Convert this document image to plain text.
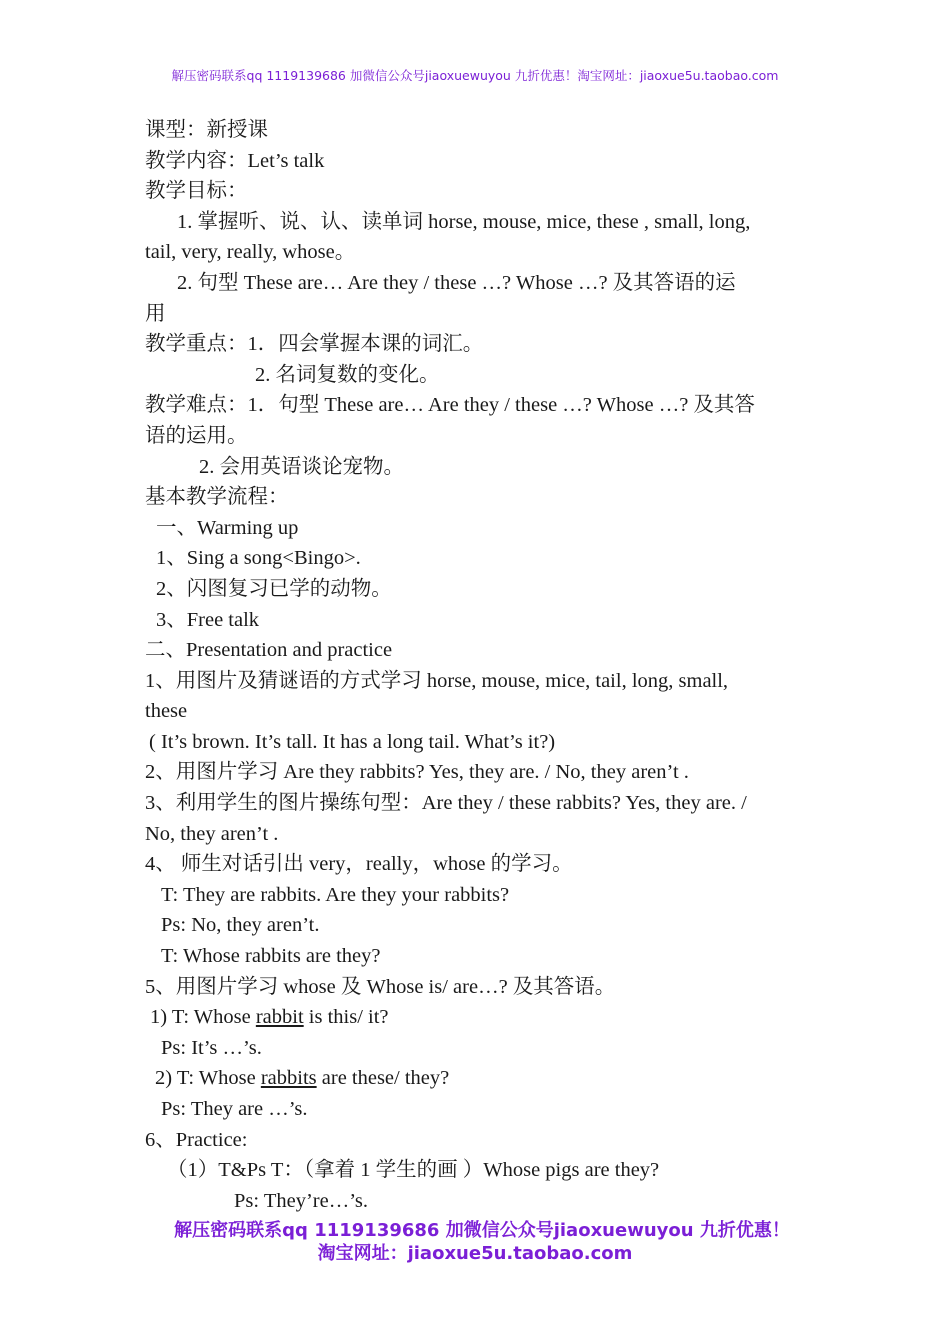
解压密码联系qq 1119139686 加微信公众号jiaoxuewuyou 九折优惠！淘宝网址：jiaoxue5u.taobao.com
课型：新授课
教学内容：Let’s talk
教学目标：
1. 掌握听、说、认、读单词 horse, mouse, mice, these , small, long,
tail, very, really, whose。
2. 句型 These are… Are they / these …? Whose …? 及其答语的运
用
教学重点：1．四会掌握本课的词汇。
2. 名词复数的变化。
教学难点：1．句型 These are… Are they / these …? Whose …? 及其答
语的运用。
2. 会用英语谈论宠物。
基本教学流程：
一、Warming up
1、Sing a song<Bingo>.
2、闪图复习已学的动物。
3、Free talk
二、Presentation and practice
1、用图片及猜谜语的方式学习 horse, mouse, mice, tail, long, small,
these
( It’s brown. It’s tall. It has a long tail. What’s it?)
2、用图片学习 Are they rabbits? Yes, they are. / No, they aren’t .
3、利用学生的图片操练句型：Are they / these rabbits? Yes, they are. /
No, they aren’t .
4、 师生对话引出 very，really，whose 的学习。
T: They are rabbits. Are they your rabbits?
Ps: No, they aren’t.
T: Whose rabbits are they?
5、用图片学习 whose 及 Whose is/ are…? 及其答语。
1) T: Whose rabbit is this/ it?
Ps: It’s …’s.
2) T: Whose rabbits are these/ they?
Ps: They are …’s.
6、Practice:
（1）T&Ps T：（拿着 1 学生的画 ）Whose pigs are they?
Ps: They’re…’s.
解压密码联系qq 1119139686 加微信公众号jiaoxuewuyou 九折优惠！
淘宝网址：jiaoxue5u.taobao.com
